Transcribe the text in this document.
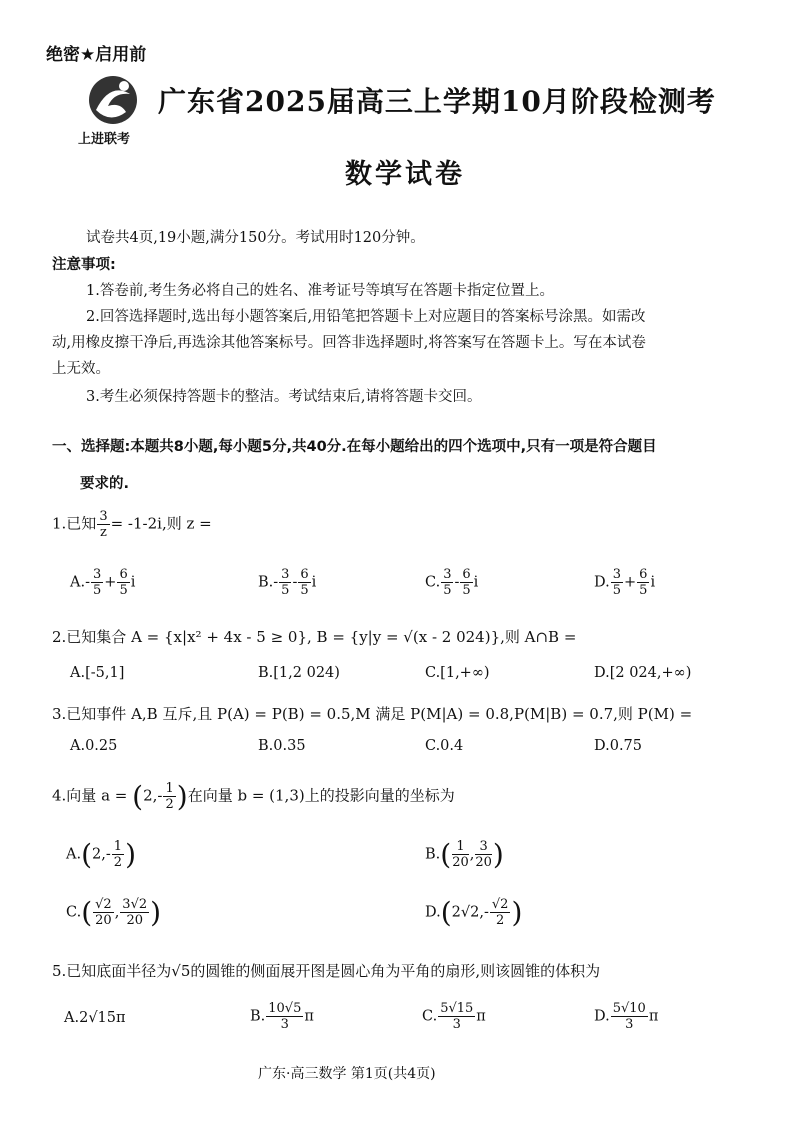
绝密★启用前
上进联考
广东省2025届高三上学期10月阶段检测考
数学试卷
试卷共4页,19小题,满分150分。考试用时120分钟。
注意事项:
1.答卷前,考生务必将自己的姓名、准考证号等填写在答题卡指定位置上。
2.回答选择题时,选出每小题答案后,用铅笔把答题卡上对应题目的答案标号涂黑。如需改
动,用橡皮擦干净后,再选涂其他答案标号。回答非选择题时,将答案写在答题卡上。写在本试卷
上无效。
3.考生必须保持答题卡的整洁。考试结束后,请将答题卡交回。
一、选择题:本题共8小题,每小题5分,共40分.在每小题给出的四个选项中,只有一项是符合题目
要求的.
1.已知 $\frac{3}{z} = -1-2i$,则 z =
$A.- \frac{3}{5} + \frac{6}{5}$ i	$B.- \frac{3}{5} - \frac{6}{5}$ i	C. $\frac{3}{5} - \frac{6}{5}$ i	D. $\frac{3}{5} + \frac{6}{5}$ i
2.已知集合 A = {x|x² + 4x - 5 ≥ 0}, B = {y|y = √(x - 2 024)},则 A∩B =
A.[-5,1]	B.[1,2 024)	C.[1,+∞)	D.[2 024,+∞)
3.已知事件 A,B 互斥,且 P(A) = P(B) = 0.5,M 满足 P(M|A) = 0.8,P(M|B) = 0.7,则 P(M) =
A.0.25	B.0.35	C.0.4	D.0.75
4.向量 $a = (2,- \frac{1}{2}$ )在向量 b = (1,3)上的投影向量的坐标为
$A.(2,- \frac{1}{2}$ )	$B.( \frac{1}{20}$ , $\frac{3}{20}$ )
$C.( \frac{√2}{20}$ , $\frac{3√2}{20}$ )	$D.(2√2,- \frac{√2}{2}$ )
5.已知底面半径为√5的圆锥的侧面展开图是圆心角为平角的扇形,则该圆锥的体积为
A.2√15π	B. $\frac{10√5}{3}$ π	C. $\frac{5√15}{3}$ π	D. $\frac{5√10}{3}$ π
广东·高三数学 第1页(共4页)
